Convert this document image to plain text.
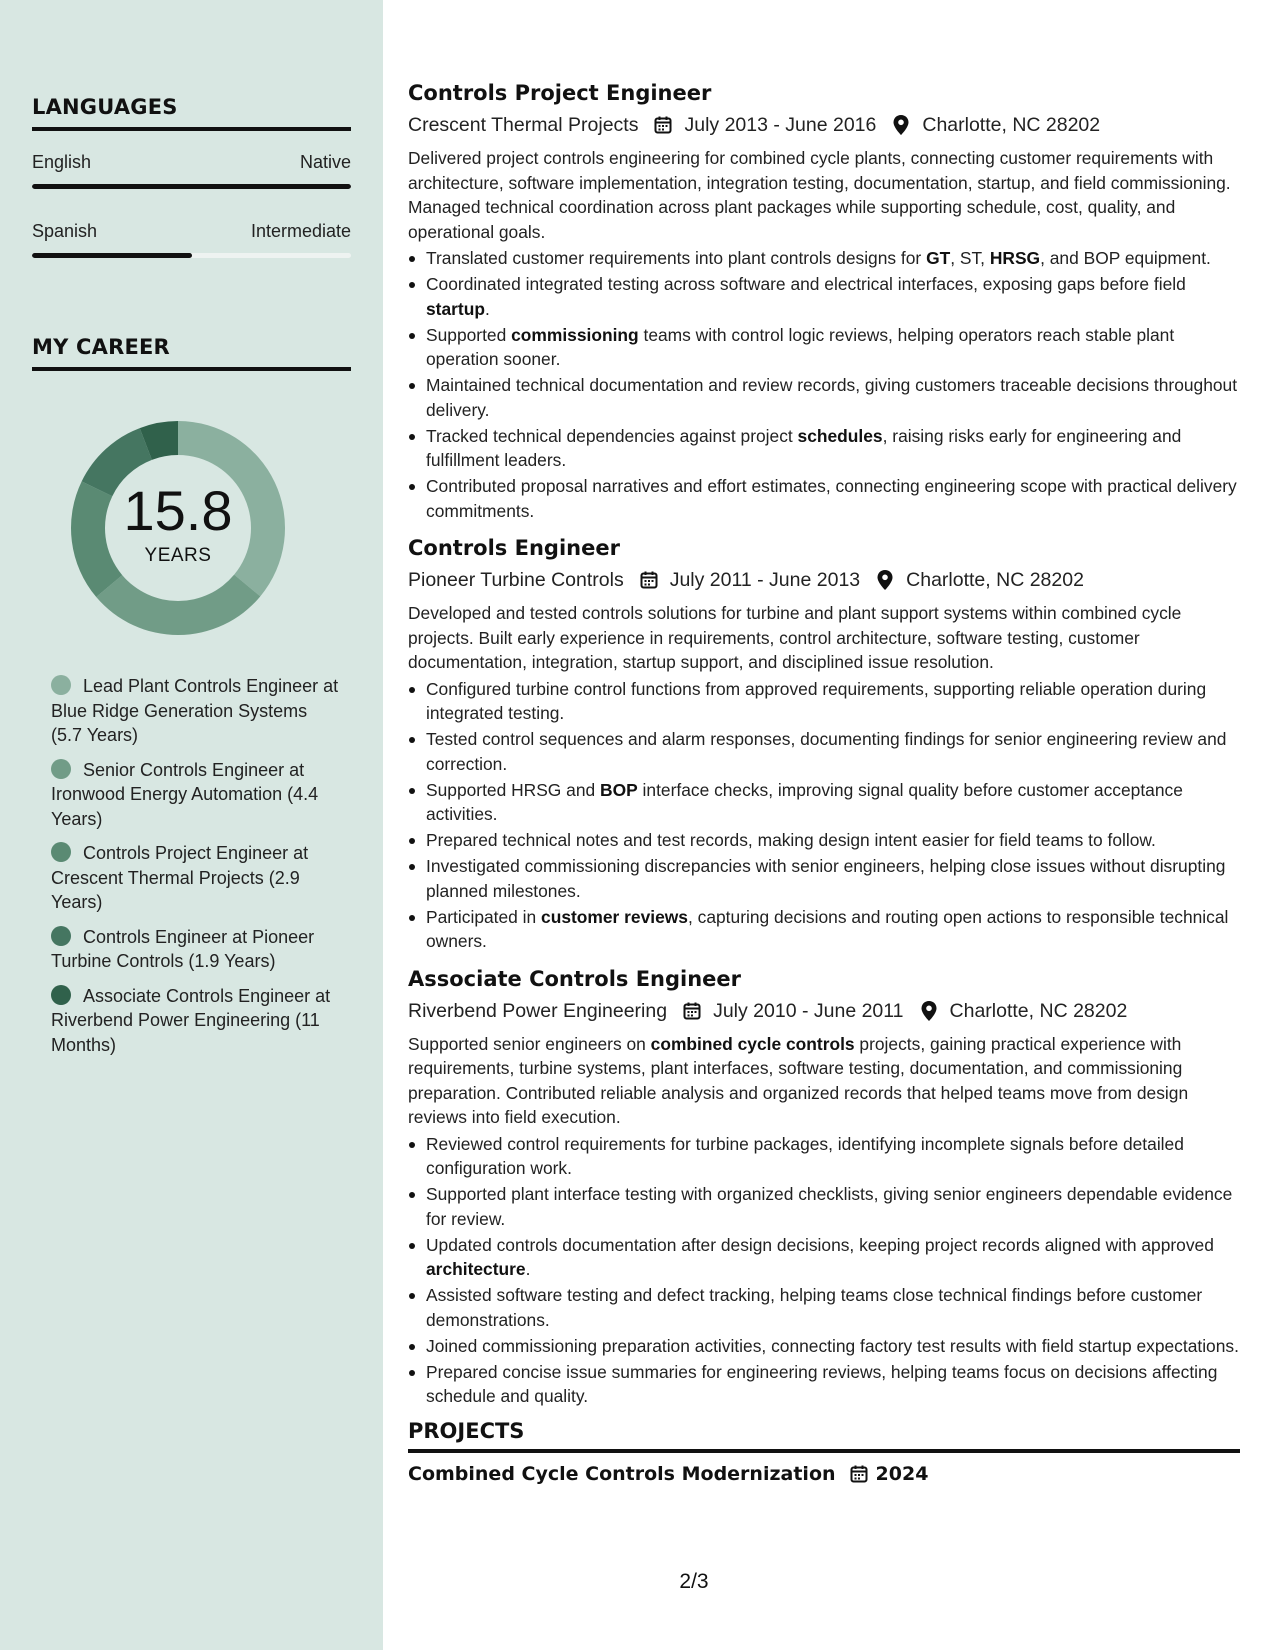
LANGUAGES
English	Native
Spanish	Intermediate
MY CAREER
15.8
YEARS
Lead Plant Controls Engineer at Blue Ridge Generation Systems (5.7 Years)
Senior Controls Engineer at Ironwood Energy Automation (4.4 Years)
Controls Project Engineer at Crescent Thermal Projects (2.9 Years)
Controls Engineer at Pioneer Turbine Controls (1.9 Years)
Associate Controls Engineer at Riverbend Power Engineering (11 Months)
Controls Project Engineer
Crescent Thermal Projects July 2013 - June 2016 Charlotte, NC 28202
Delivered project controls engineering for combined cycle plants, connecting customer requirements with architecture, software implementation, integration testing, documentation, startup, and field commissioning. Managed technical coordination across plant packages while supporting schedule, cost, quality, and operational goals.
Translated customer requirements into plant controls designs for GT, ST, HRSG, and BOP equipment.
Coordinated integrated testing across software and electrical interfaces, exposing gaps before field startup.
Supported commissioning teams with control logic reviews, helping operators reach stable plant operation sooner.
Maintained technical documentation and review records, giving customers traceable decisions throughout delivery.
Tracked technical dependencies against project schedules, raising risks early for engineering and fulfillment leaders.
Contributed proposal narratives and effort estimates, connecting engineering scope with practical delivery commitments.
Controls Engineer
Pioneer Turbine Controls July 2011 - June 2013 Charlotte, NC 28202
Developed and tested controls solutions for turbine and plant support systems within combined cycle projects. Built early experience in requirements, control architecture, software testing, customer documentation, integration, startup support, and disciplined issue resolution.
Configured turbine control functions from approved requirements, supporting reliable operation during integrated testing.
Tested control sequences and alarm responses, documenting findings for senior engineering review and correction.
Supported HRSG and BOP interface checks, improving signal quality before customer acceptance activities.
Prepared technical notes and test records, making design intent easier for field teams to follow.
Investigated commissioning discrepancies with senior engineers, helping close issues without disrupting planned milestones.
Participated in customer reviews, capturing decisions and routing open actions to responsible technical owners.
Associate Controls Engineer
Riverbend Power Engineering July 2010 - June 2011 Charlotte, NC 28202
Supported senior engineers on combined cycle controls projects, gaining practical experience with requirements, turbine systems, plant interfaces, software testing, documentation, and commissioning preparation. Contributed reliable analysis and organized records that helped teams move from design reviews into field execution.
Reviewed control requirements for turbine packages, identifying incomplete signals before detailed configuration work.
Supported plant interface testing with organized checklists, giving senior engineers dependable evidence for review.
Updated controls documentation after design decisions, keeping project records aligned with approved architecture.
Assisted software testing and defect tracking, helping teams close technical findings before customer demonstrations.
Joined commissioning preparation activities, connecting factory test results with field startup expectations.
Prepared concise issue summaries for engineering reviews, helping teams focus on decisions affecting schedule and quality.
PROJECTS
Combined Cycle Controls Modernization 2024
2/3
